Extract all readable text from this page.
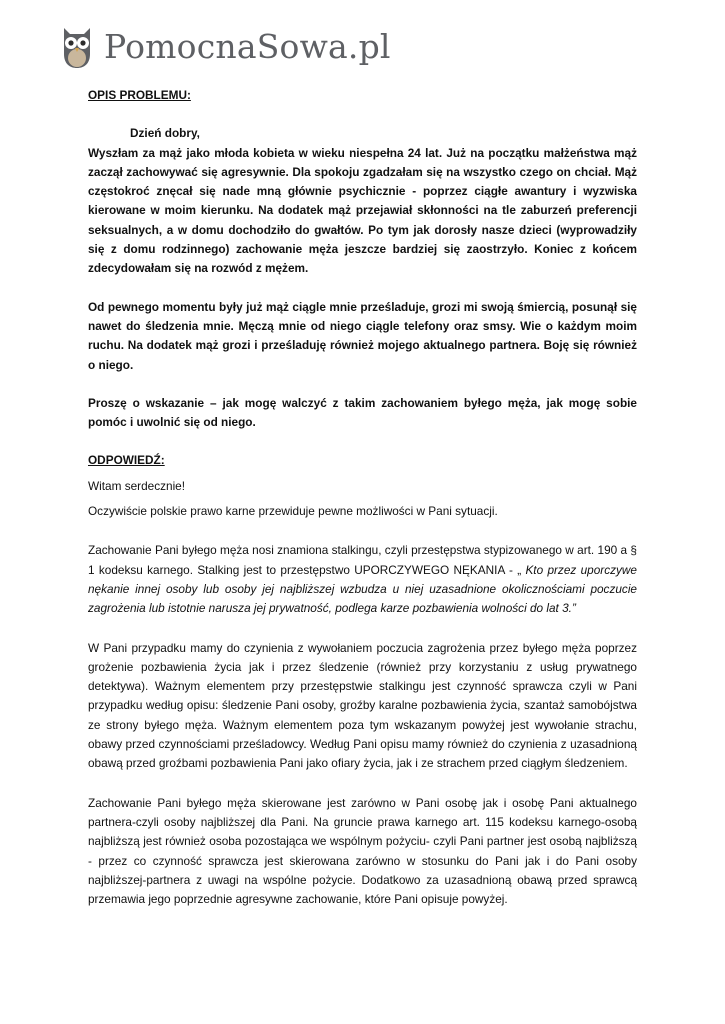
PomocnaSowa.pl

OPIS PROBLEMU:

Dzień dobry,

Wyszłam za mąż jako młoda kobieta w wieku niespełna 24 lat. Już na początku małżeństwa mąż zaczął zachowywać się agresywnie. Dla spokoju zgadzałam się na wszystko czego on chciał. Mąż częstokroć znęcał się nade mną głównie psychicznie - poprzez ciągłe awantury i wyzwiska kierowane w moim kierunku. Na dodatek mąż przejawiał skłonności na tle zaburzeń preferencji seksualnych, a w domu dochodziło do gwałtów. Po tym jak dorosły nasze dzieci (wyprowadziły się z domu rodzinnego) zachowanie męża jeszcze bardziej się zaostrzyło. Koniec z końcem zdecydowałam się na rozwód z mężem.

Od pewnego momentu były już mąż ciągle mnie prześladuje, grozi mi swoją śmiercią, posunął się nawet do śledzenia mnie. Męczą mnie od niego ciągle telefony oraz smsy. Wie o każdym moim ruchu. Na dodatek mąż grozi i prześladuję również mojego aktualnego partnera. Boję się również o niego.

Proszę o wskazanie – jak mogę walczyć z takim zachowaniem byłego męża, jak mogę sobie pomóc i uwolnić się od niego.

ODPOWIEDŹ:

Witam serdecznie!

Oczywiście polskie prawo karne przewiduje pewne możliwości w Pani sytuacji.

Zachowanie Pani byłego męża nosi znamiona stalkingu, czyli przestępstwa stypizowanego w art. 190 a § 1 kodeksu karnego. Stalking jest to przestępstwo UPORCZYWEGO NĘKANIA - „ Kto przez uporczywe nękanie innej osoby lub osoby jej najbliższej wzbudza u niej uzasadnione okolicznościami poczucie zagrożenia lub istotnie narusza jej prywatność, podlega karze pozbawienia wolności do lat 3.”

W Pani przypadku mamy do czynienia z wywołaniem poczucia zagrożenia przez byłego męża poprzez grożenie pozbawienia życia jak i przez śledzenie (również przy korzystaniu z usług prywatnego detektywa). Ważnym elementem przy przestępstwie stalkingu jest czynność sprawcza czyli w Pani przypadku według opisu: śledzenie Pani osoby, groźby karalne pozbawienia życia, szantaż samobójstwa ze strony byłego męża. Ważnym elementem poza tym wskazanym powyżej jest wywołanie strachu, obawy przed czynnościami prześladowcy. Według Pani opisu mamy również do czynienia z uzasadnioną obawą przed groźbami pozbawienia Pani jako ofiary życia, jak i ze strachem przed ciągłym śledzeniem.

Zachowanie Pani byłego męża skierowane jest zarówno w Pani osobę jak i osobę Pani aktualnego partnera-czyli osoby najbliższej dla Pani. Na gruncie prawa karnego art. 115 kodeksu karnego-osobą najbliższą jest również osoba pozostająca we wspólnym pożyciu- czyli Pani partner jest osobą najbliższą - przez co czynność sprawcza jest skierowana zarówno w stosunku do Pani jak i do Pani osoby najbliższej-partnera z uwagi na wspólne pożycie. Dodatkowo za uzasadnioną obawą przed sprawcą przemawia jego poprzednie agresywne zachowanie, które Pani opisuje powyżej.
